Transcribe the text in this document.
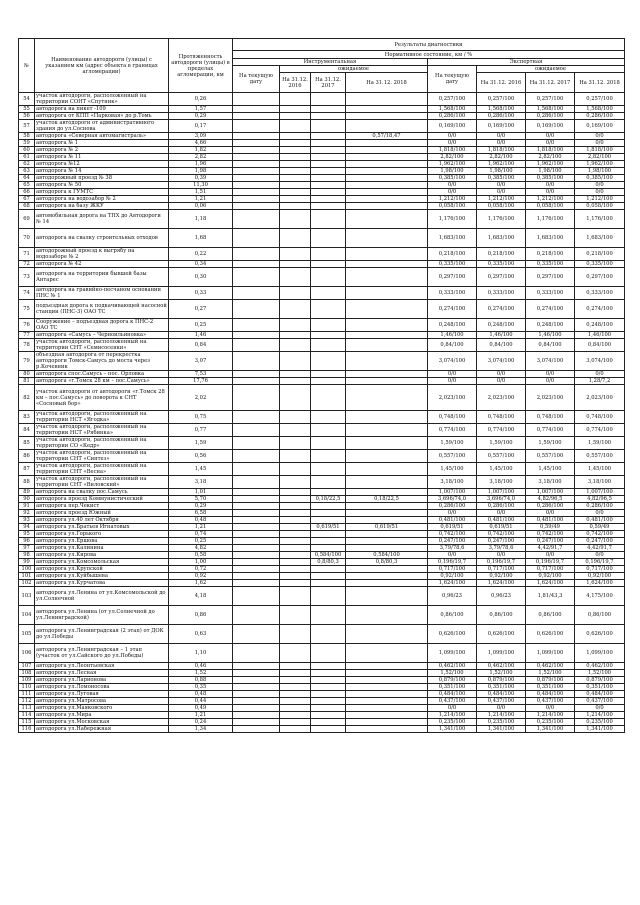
№	Наименование автодороги (улицы) с указанием км (адрес объекта в границах агломерации)	Протяженность автодороги (улицы) в пределах агломерации, км	Результаты диагностики							
			Нормативное состояние, км / %							
			Инструментальная				Экспертная			
			На текущую дату	ожидаемое			На текущую дату	ожидаемое		
				На 31.12. 2016	На 31.12. 2017	На 31.12. 2018		На 31.12. 2016	На 31.12. 2017	На 31.12. 2018
54	участок автодороги, расположенный на территории СОНТ «Спутник»	0,26					0,257/100	0,257/100	0,257/100	0,257/100
55	автодорога на пикет -109	1,57					1,568/100	1,568/100	1,568/100	1,568/100
56	автодорога от КПП «Парковая» до р.Томь	0,29					0,286/100	0,286/100	0,286/100	0,286/100
57	участок автодороги от административного здания до ул.Соснова	0,17					0,169/100	0,169/100	0,169/100	0,169/100
58	автодорога «Северная автомагистраль»	3,09				0,57/18,47	0/0	0/0	0/0	0/0
59	автодорога № 1	4,66					0/0	0/0	0/0	0/0
60	автодорога № 2	1,82					1,818/100	1,818/100	1,818/100	1,818/100
61	автодорога № 11	2,82					2,82/100	2,82/100	2,82/100	2,82/100
62	автодорога №12	1,96					1,962/100	1,962/100	1,962/100	1,962/100
63	автодорога № 14	1,98					1,98/100	1,98/100	1,98/100	1,98/100
64	автодорожный проезд № 38	0,39					0,385/100	0,385/100	0,385/100	0,385/100
65	автодорога № 50	11,30					0/0	0/0	0/0	0/0
66	автодорога к ГУМТС	1,51					0/0	0/0	0/0	0/0
67	автодорога на водозабор № 2	1,21					1,212/100	1,212/100	1,212/100	1,212/100
68	автодорога на базу ЖКУ	0,06					0,058/100	0,058/100	0,058/100	0,058/100
69	автомобильная дорога на ТПХ до Автодороги № 14	1,18					1,176/100	1,176/100	1,176/100	1,176/100
70	автодорога на свалку строительных отходов	1,68					1,683/100	1,683/100	1,683/100	1,683/100
71	автодорожный проезд к выгрябу на водозаборе № 2	0,22					0,218/100	0,218/100	0,218/100	0,218/100
72	автодорога № 42	0,34					0,335/100	0,335/100	0,335/100	0,335/100
73	автодорога на территории бывшей базы Антарес	0,30					0,297/100	0,297/100	0,297/100	0,297/100
74	автодорога на гравийно-песчаном основании ПНС № 1	0,33					0,333/100	0,333/100	0,333/100	0,333/100
75	подъездная дорога к подкачивающей насосной станции (ПНС-3) ОАО ТС	0,27					0,274/100	0,274/100	0,274/100	0,274/100
76	Сооружение – подъездная дорога к ПНС-2 ОАО ТС	0,25					0,248/100	0,248/100	0,248/100	0,248/100
77	автодорога «Самусь – Черноильиновка»	1,46					1,46/100	1,46/100	1,46/100	1,46/100
78	участок автодороги, расположенный на территории СНТ «Семисосенки»	0,84					0,84/100	0,84/100	0,84/100	0,84/100
79	объездная автодорога от перекрестка автодороги Томск-Самусь до моста через р.Кочевник	3,07					3,074/100	3,074/100	3,074/100	3,074/100
80	автодорога спос.Самусь – пос. Орловка	7,53					0/0	0/0	0/0	0/0
81	автодорога «г.Томск 28 км – пос.Самусь»	17,76					0/0	0/0	0/0	1,28/7,2
82	участок автодороги от автодороги «г.Томск 28 км – пос.Самусь» до поворота к СНТ «Сосновый бор»	2,02					2,023/100	2,023/100	2,023/100	2,023/100
83	участок автодороги, расположенный на территории НСТ «Ягодка»	0,75					0,748/100	0,748/100	0,748/100	0,748/100
84	участок автодороги, расположенный на территории НСТ «Рябинка»	0,77					0,774/100	0,774/100	0,774/100	0,774/100
85	участок автодороги, расположенный на территории СО «Кедр»	1,59					1,59/100	1,59/100	1,59/100	1,59/100
86	участок автодороги, расположенный на территории СНТ «Синтез»	0,56					0,557/100	0,557/100	0,557/100	0,557/100
87	участок автодороги, расположенный на территории СНТ «Весна»	1,45					1,45/100	1,45/100	1,45/100	1,45/100
88	участок автодороги, расположенный на территории СНТ «Виловский»	3,18					3,18/100	3,18/100	3,18/100	3,18/100
89	автодорога на свалку пос.Самусь	1,01					1,007/100	1,007/100	1,007/100	1,007/100
90	автодорога проезд Коммунистический	5,70			0,18/22,5	0,18/22,5	3,696/74,0	3,696/74,0	4,82/96,5	4,82/96,5
91	автодорога пер.Чекист	0,29					0,286/100	0,286/100	0,286/100	0,286/100
92	автодорога проезд Южный	6,58					0/0	0/0	0/0	0/0
93	автодорога ул.40 лет Октября	0,48					0,481/100	0,481/100	0,481/100	0,481/100
94	автодорога ул.Братьев Игнатовых	1,21			0,619/51	0,619/51	0,619/51	0,619/51	0,59/49	0,59/49
95	автодорога ул.Горького	0,74					0,742/100	0,742/100	0,742/100	0,742/100
96	автодорога ул.Ершова	0,25					0,247/100	0,247/100	0,247/100	0,247/100
97	автодорога ул.Калинина	4,82					3,79/78,6	3,79/78,6	4,42/91,7	4,42/91,7
98	автодорога ул.Кирова	0,58			0,584/100	0,584/100	0/0	0/0	0/0	0/0
99	автодорога ул.Комсомольская	1,00			0,8/80,3	0,8/80,3	0,196/19,7	0,196/19,7	0,196/19,7	0,196/19,7
100	автодорога ул.Крупской	0,72					0,717/100	0,717/100	0,717/100	0,717/100
101	автодорога ул.Куйбышева	0,92					0,92/100	0,92/100	0,92/100	0,92/100
102	автодорога ул.Курчатова	1,62					1,624/100	1,624/100	1,624/100	1,624/100
103	автодорога ул.Ленина от ул.Комсомольской до ул.Солнечной	4,18					0,96/23	0,96/23	1,81/43,3	4,175/100
104	автодорога ул.Ленина (от ул.Солнечной до ул.Ленинградской)	0,86					0,86/100	0,86/100	0,86/100	0,86/100
105	автодорога ул.Ленинградская (2 этап) от ДОК до ул.Победы	0,63					0,626/100	0,626/100	0,626/100	0,626/100
106	автодорога ул.Ленинградская – 1 этап (участок от ул.Сайского до ул.Победы)	1,10					1,099/100	1,099/100	1,099/100	1,099/100
107	автодорога ул.Леонтьевская	0,46					0,462/100	0,462/100	0,462/100	0,462/100
108	автодорога ул.Лесная	1,52					1,52/100	1,52/100	1,52/100	1,52/100
109	автодорога ул.Ларионова	0,88					0,879/100	0,879/100	0,879/100	0,879/100
110	автодорога ул.Ломоносова	0,35					0,351/100	0,351/100	0,351/100	0,351/100
111	автодорога ул.Луговая	0,48					0,484/100	0,484/100	0,484/100	0,484/100
112	автодорога ул.Матросова	0,44					0,437/100	0,437/100	0,437/100	0,437/100
113	автодорога ул.Маяковского	0,49					0/0	0/0	0/0	0/0
114	автодорога ул.Мира	1,21					1,214/100	1,214/100	1,214/100	1,214/100
115	автодорога ул.Московская	0,24					0,235/100	0,235/100	0,235/100	0,235/100
116	автодорога ул.Набережная	1,34					1,341/100	1,341/100	1,341/100	1,341/100
